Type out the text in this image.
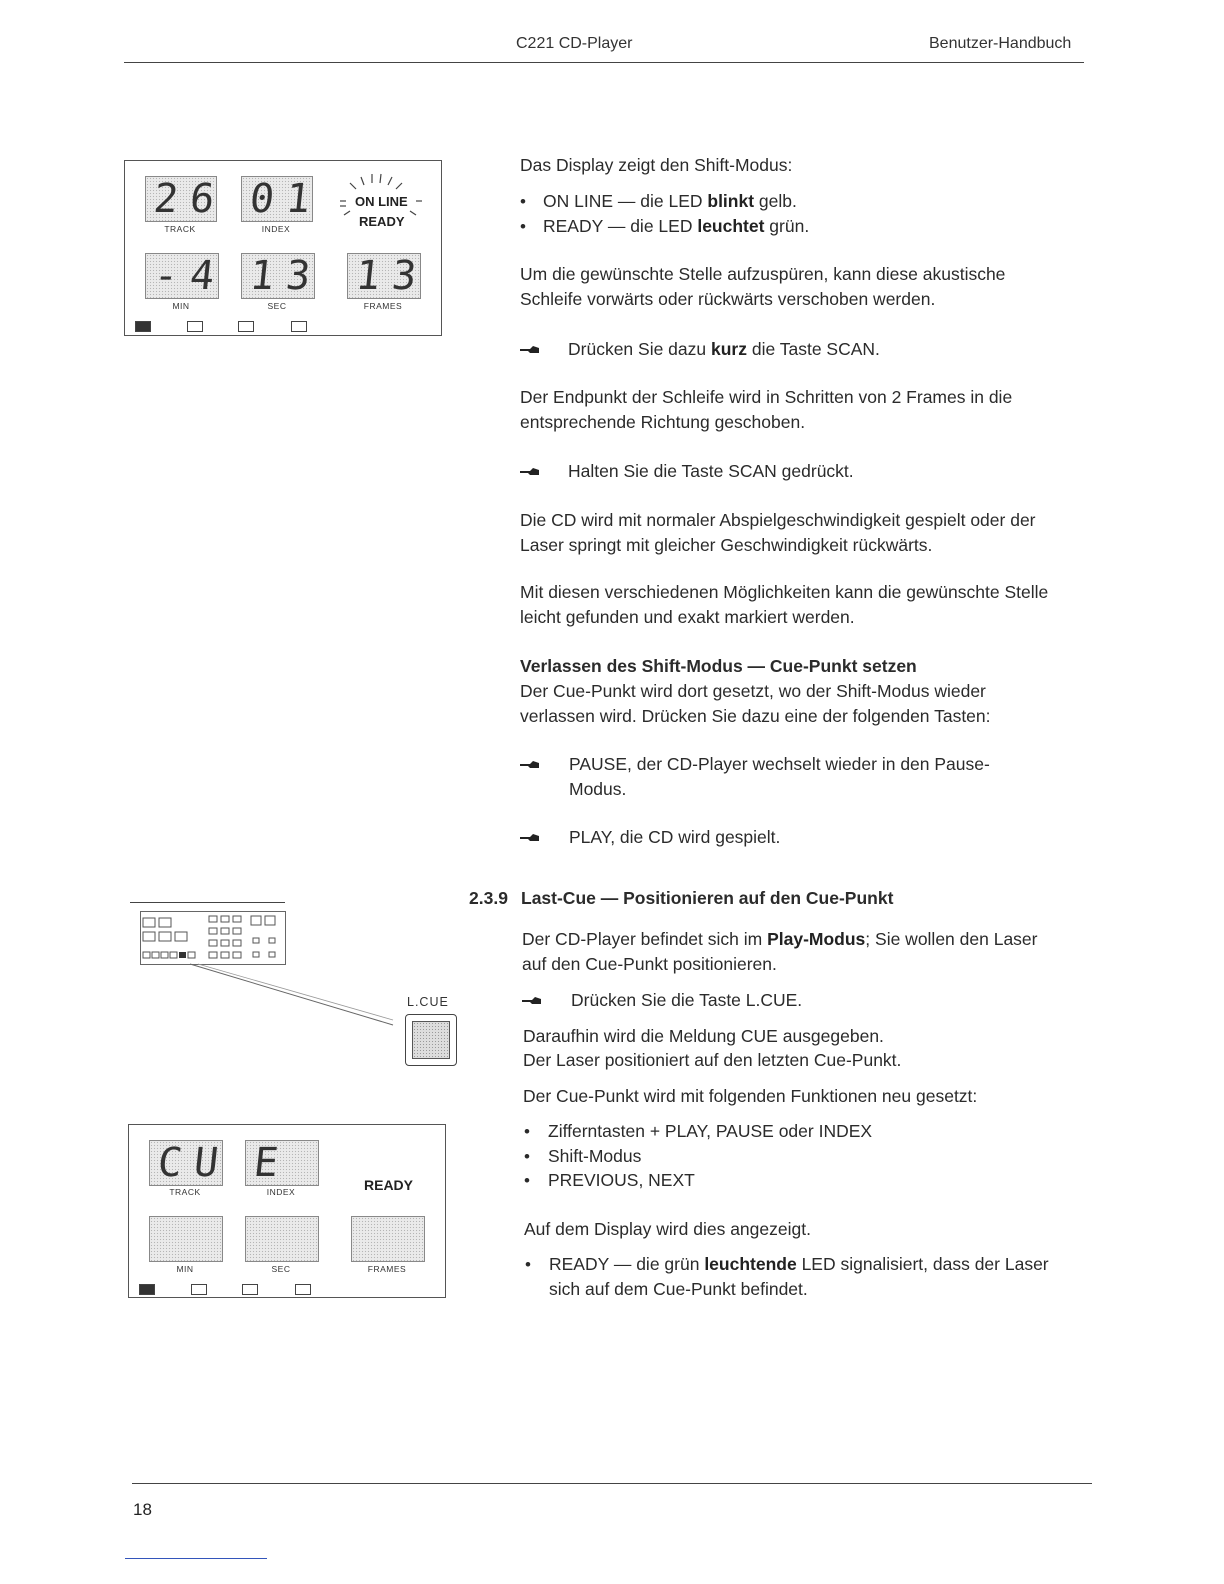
C221 CD-Player	Benutzer-Handbuch
26
TRACK
01
INDEX
ON LINE
READY
-4
MIN
13
SEC
13
FRAMES
Das Display zeigt den Shift-Modus:
• ON LINE — die LED blinkt gelb.
• READY — die LED leuchtet grün.
Um die gewünschte Stelle aufzuspüren, kann diese akustische Schleife vorwärts oder rückwärts verschoben werden.
Drücken Sie dazu kurz die Taste SCAN.
Der Endpunkt der Schleife wird in Schritten von 2 Frames in die entsprechende Richtung geschoben.
Halten Sie die Taste SCAN gedrückt.
Die CD wird mit normaler Abspielgeschwindigkeit gespielt oder der Laser springt mit gleicher Geschwindigkeit rückwärts.
Mit diesen verschiedenen Möglichkeiten kann die gewünschte Stelle leicht gefunden und exakt markiert werden.
Verlassen des Shift-Modus — Cue-Punkt setzen
Der Cue-Punkt wird dort gesetzt, wo der Shift-Modus wieder verlassen wird. Drücken Sie dazu eine der folgenden Tasten:
PAUSE, der CD-Player wechselt wieder in den Pause-Modus.
PLAY, die CD wird gespielt.
2.3.9 Last-Cue — Positionieren auf den Cue-Punkt
L.CUE
Der CD-Player befindet sich im Play-Modus; Sie wollen den Laser auf den Cue-Punkt positionieren.
Drücken Sie die Taste L.CUE.
Daraufhin wird die Meldung CUE ausgegeben.
Der Laser positioniert auf den letzten Cue-Punkt.
Der Cue-Punkt wird mit folgenden Funktionen neu gesetzt:
• Zifferntasten + PLAY, PAUSE oder INDEX
• Shift-Modus
• PREVIOUS, NEXT
Auf dem Display wird dies angezeigt.
• READY — die grün leuchtende LED signalisiert, dass der Laser sich auf dem Cue-Punkt befindet.
CU
TRACK
E
INDEX	READY
MIN	SEC	FRAMES
18
